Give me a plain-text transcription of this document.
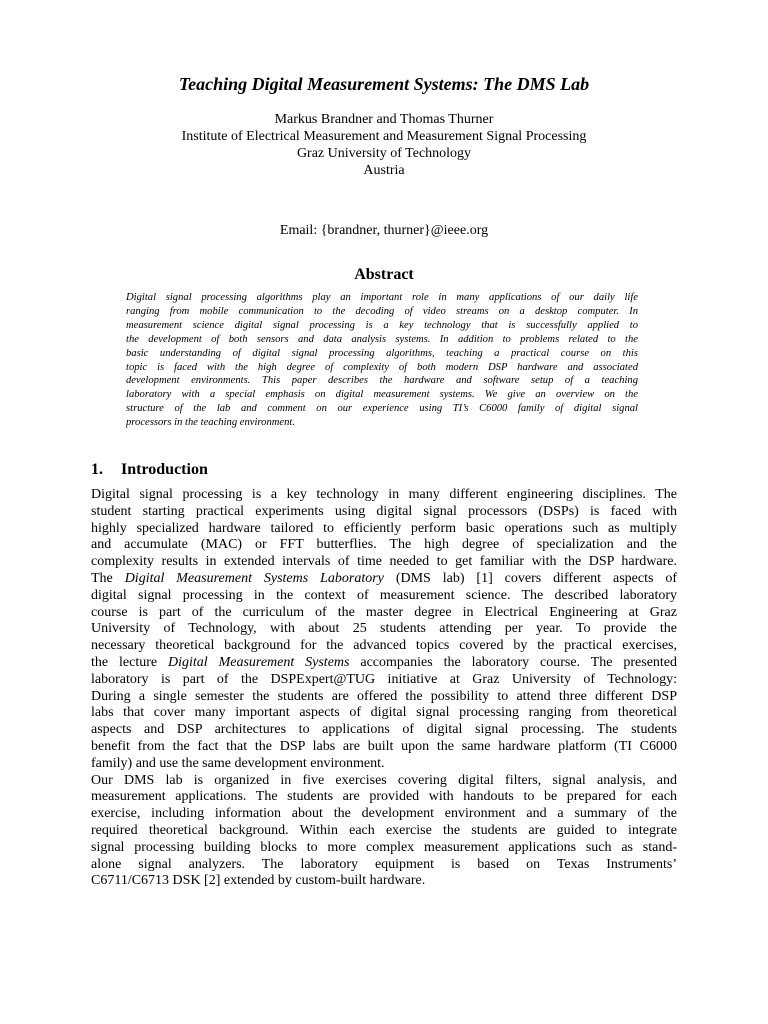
Teaching Digital Measurement Systems: The DMS Lab
Markus Brandner and Thomas Thurner
Institute of Electrical Measurement and Measurement Signal Processing
Graz University of Technology
Austria
Email: {brandner, thurner}@ieee.org
Abstract
Digital signal processing algorithms play an important role in many applications of our daily life
ranging from mobile communication to the decoding of video streams on a desktop computer. In
measurement science digital signal processing is a key technology that is successfully applied to
the development of both sensors and data analysis systems. In addition to problems related to the
basic understanding of digital signal processing algorithms, teaching a practical course on this
topic is faced with the high degree of complexity of both modern DSP hardware and associated
development environments. This paper describes the hardware and software setup of a teaching
laboratory with a special emphasis on digital measurement systems. We give an overview on the
structure of the lab and comment on our experience using TI’s C6000 family of digital signal
processors in the teaching environment.
1. Introduction
Digital signal processing is a key technology in many different engineering disciplines. The
student starting practical experiments using digital signal processors (DSPs) is faced with
highly specialized hardware tailored to efficiently perform basic operations such as multiply
and accumulate (MAC) or FFT butterflies. The high degree of specialization and the
complexity results in extended intervals of time needed to get familiar with the DSP hardware.
The Digital Measurement Systems Laboratory (DMS lab) [1] covers different aspects of
digital signal processing in the context of measurement science. The described laboratory
course is part of the curriculum of the master degree in Electrical Engineering at Graz
University of Technology, with about 25 students attending per year. To provide the
necessary theoretical background for the advanced topics covered by the practical exercises,
the lecture Digital Measurement Systems accompanies the laboratory course. The presented
laboratory is part of the DSPExpert@TUG initiative at Graz University of Technology:
During a single semester the students are offered the possibility to attend three different DSP
labs that cover many important aspects of digital signal processing ranging from theoretical
aspects and DSP architectures to applications of digital signal processing. The students
benefit from the fact that the DSP labs are built upon the same hardware platform (TI C6000
family) and use the same development environment.
Our DMS lab is organized in five exercises covering digital filters, signal analysis, and
measurement applications. The students are provided with handouts to be prepared for each
exercise, including information about the development environment and a summary of the
required theoretical background. Within each exercise the students are guided to integrate
signal processing building blocks to more complex measurement applications such as stand-
alone signal analyzers. The laboratory equipment is based on Texas Instruments’
C6711/C6713 DSK [2] extended by custom-built hardware.
